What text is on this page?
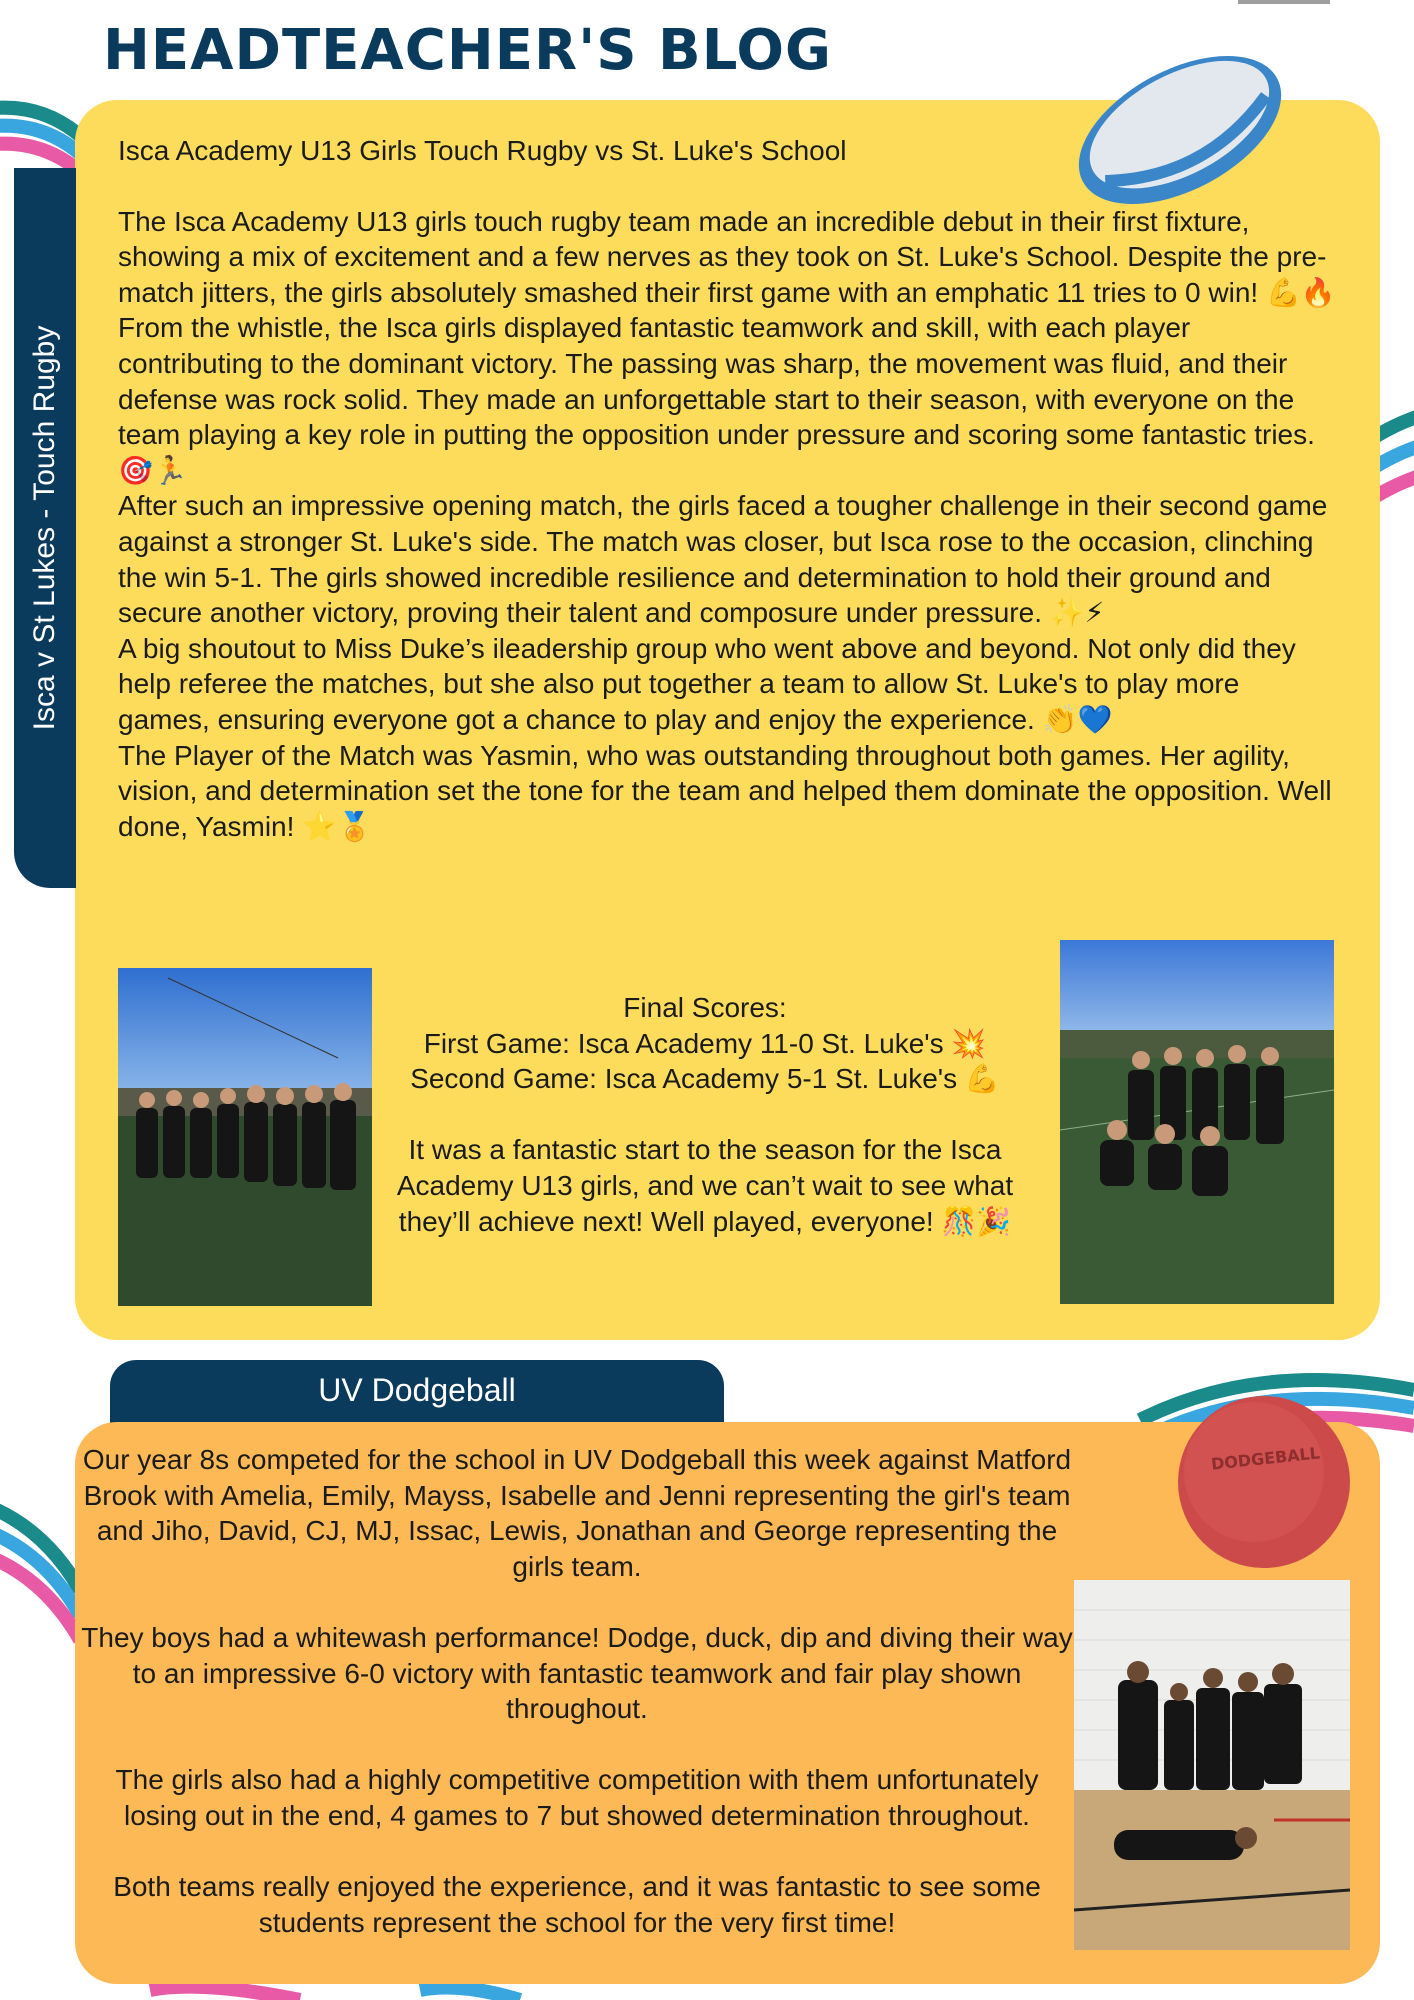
HEADTEACHER'S BLOG
Isca v St Lukes - Touch Rugby

Isca Academy U13 Girls Touch Rugby vs St. Luke's School

The Isca Academy U13 girls touch rugby team made an incredible debut in their first fixture, showing a mix of excitement and a few nerves as they took on St. Luke's School. Despite the pre-match jitters, the girls absolutely smashed their first game with an emphatic 11 tries to 0 win! 💪🔥

From the whistle, the Isca girls displayed fantastic teamwork and skill, with each player contributing to the dominant victory. The passing was sharp, the movement was fluid, and their defense was rock solid. They made an unforgettable start to their season, with everyone on the team playing a key role in putting the opposition under pressure and scoring some fantastic tries. 🎯🏃

After such an impressive opening match, the girls faced a tougher challenge in their second game against a stronger St. Luke's side. The match was closer, but Isca rose to the occasion, clinching the win 5-1. The girls showed incredible resilience and determination to hold their ground and secure another victory, proving their talent and composure under pressure. ✨⚡

A big shoutout to Miss Duke’s ileadership group who went above and beyond. Not only did they help referee the matches, but she also put together a team to allow St. Luke's to play more games, ensuring everyone got a chance to play and enjoy the experience. 👏💙

The Player of the Match was Yasmin, who was outstanding throughout both games. Her agility, vision, and determination set the tone for the team and helped them dominate the opposition. Well done, Yasmin! ⭐🏅

Final Scores:

First Game: Isca Academy 11-0 St. Luke's 💥

Second Game: Isca Academy 5-1 St. Luke's 💪

It was a fantastic start to the season for the Isca Academy U13 girls, and we can’t wait to see what they’ll achieve next! Well played, everyone! 🎊🎉

UV Dodgeball
DODGEBALL

Our year 8s competed for the school in UV Dodgeball this week against Matford Brook with Amelia, Emily, Mayss, Isabelle and Jenni representing the girl's team and Jiho, David, CJ, MJ, Issac, Lewis, Jonathan and George representing the girls team.

They boys had a whitewash performance! Dodge, duck, dip and diving their way to an impressive 6-0 victory with fantastic teamwork and fair play shown throughout.

The girls also had a highly competitive competition with them unfortunately losing out in the end, 4 games to 7 but showed determination throughout.

Both teams really enjoyed the experience, and it was fantastic to see some students represent the school for the very first time!
